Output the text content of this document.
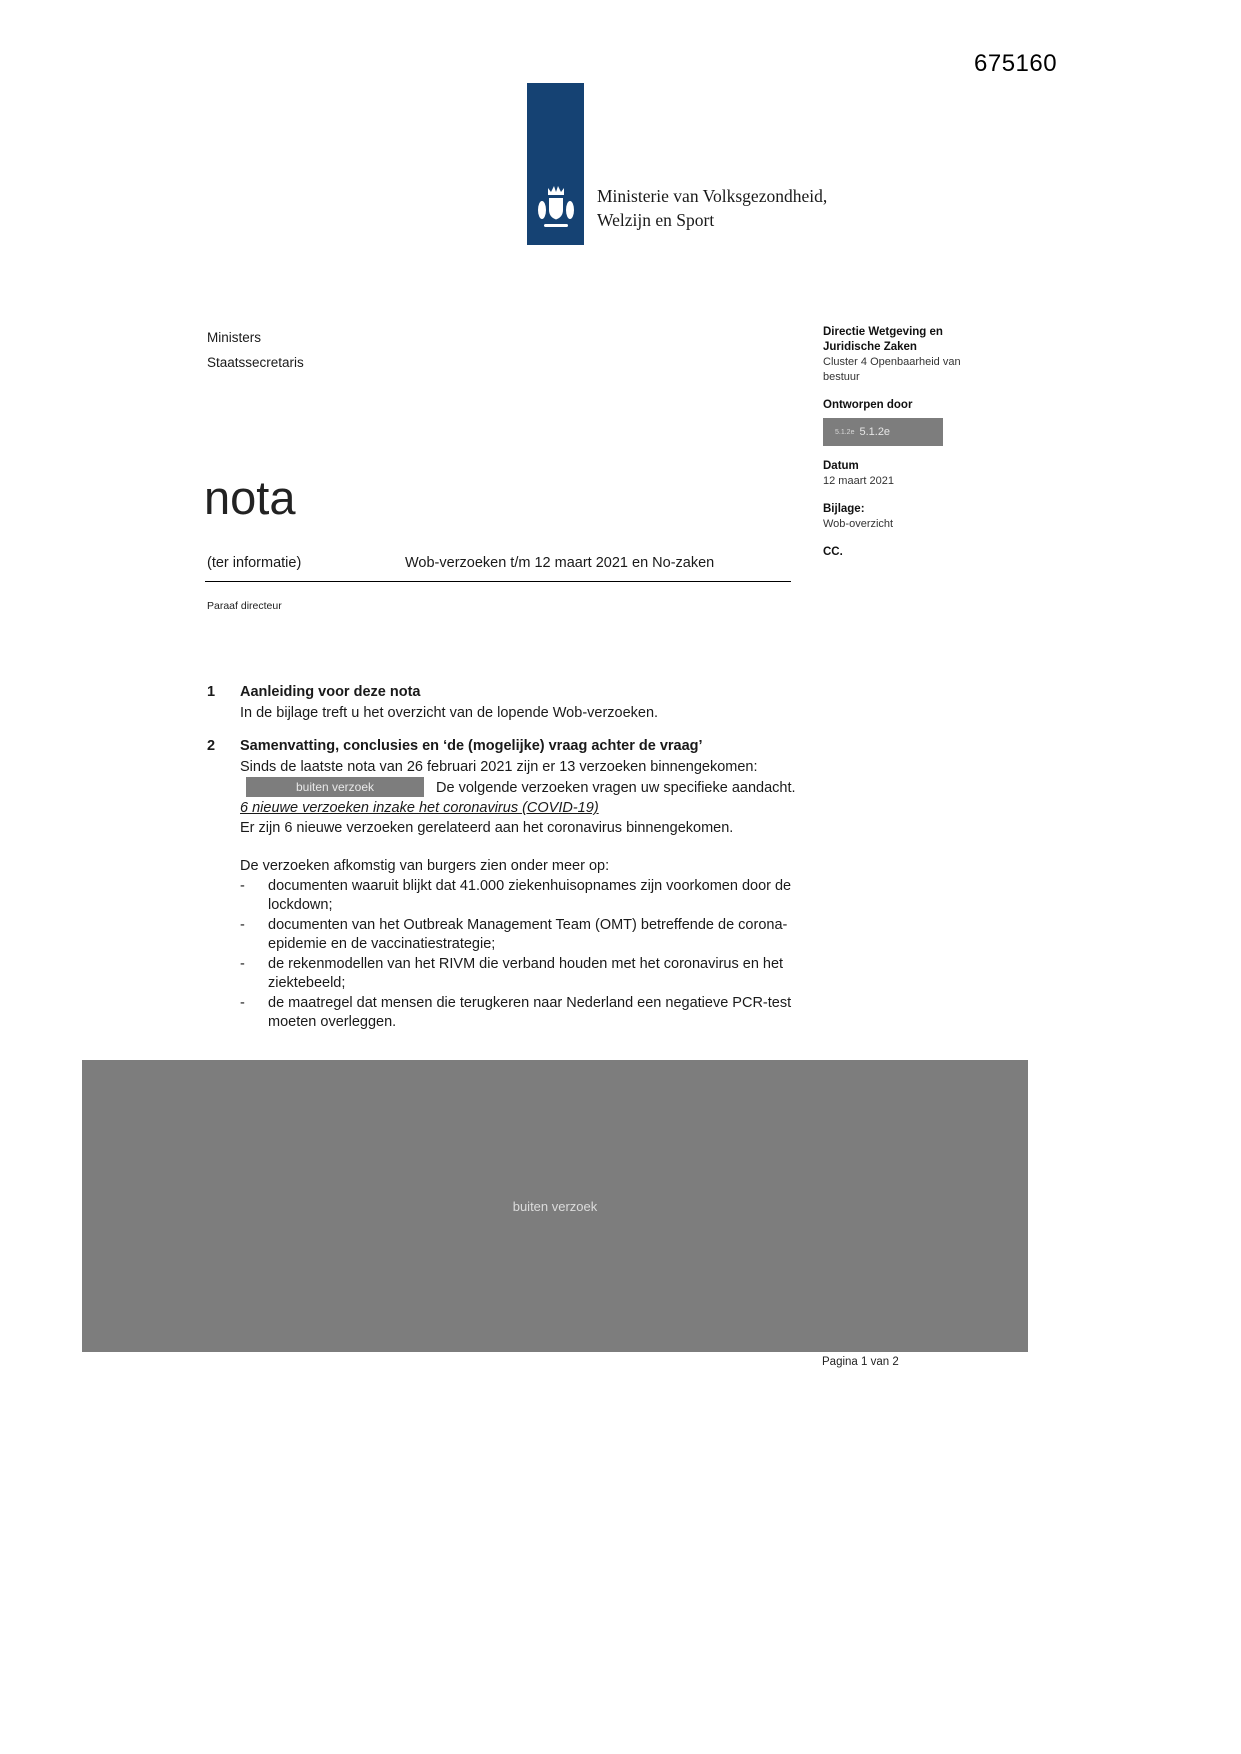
675160
Ministerie van Volksgezondheid,
Welzijn en Sport
Ministers
Staatssecretaris
Directie Wetgeving en Juridische Zaken
Cluster 4 Openbaarheid van bestuur
Ontworpen door
5.1.2e 5.1.2e
Datum
12 maart 2021
Bijlage:
Wob-overzicht
CC.
nota
(ter informatie)	Wob-verzoeken t/m 12 maart 2021 en No-zaken
Paraaf directeur
1	Aanleiding voor deze nota

In de bijlage treft u het overzicht van de lopende Wob-verzoeken.

2	Samenvatting, conclusies en ‘de (mogelijke) vraag achter de vraag’

Sinds de laatste nota van 26 februari 2021 zijn er 13 verzoeken binnengekomen: buiten verzoek	De volgende verzoeken vragen uw specifieke aandacht.

6 nieuwe verzoeken inzake het coronavirus (COVID-19)

Er zijn 6 nieuwe verzoeken gerelateerd aan het coronavirus binnengekomen.

De verzoeken afkomstig van burgers zien onder meer op:

-	documenten waaruit blijkt dat 41.000 ziekenhuisopnames zijn voorkomen door de lockdown;
-	documenten van het Outbreak Management Team (OMT) betreffende de corona-epidemie en de vaccinatiestrategie;
-	de rekenmodellen van het RIVM die verband houden met het coronavirus en het ziektebeeld;
-	de maatregel dat mensen die terugkeren naar Nederland een negatieve PCR-test moeten overleggen.
buiten verzoek
Pagina 1 van 2
